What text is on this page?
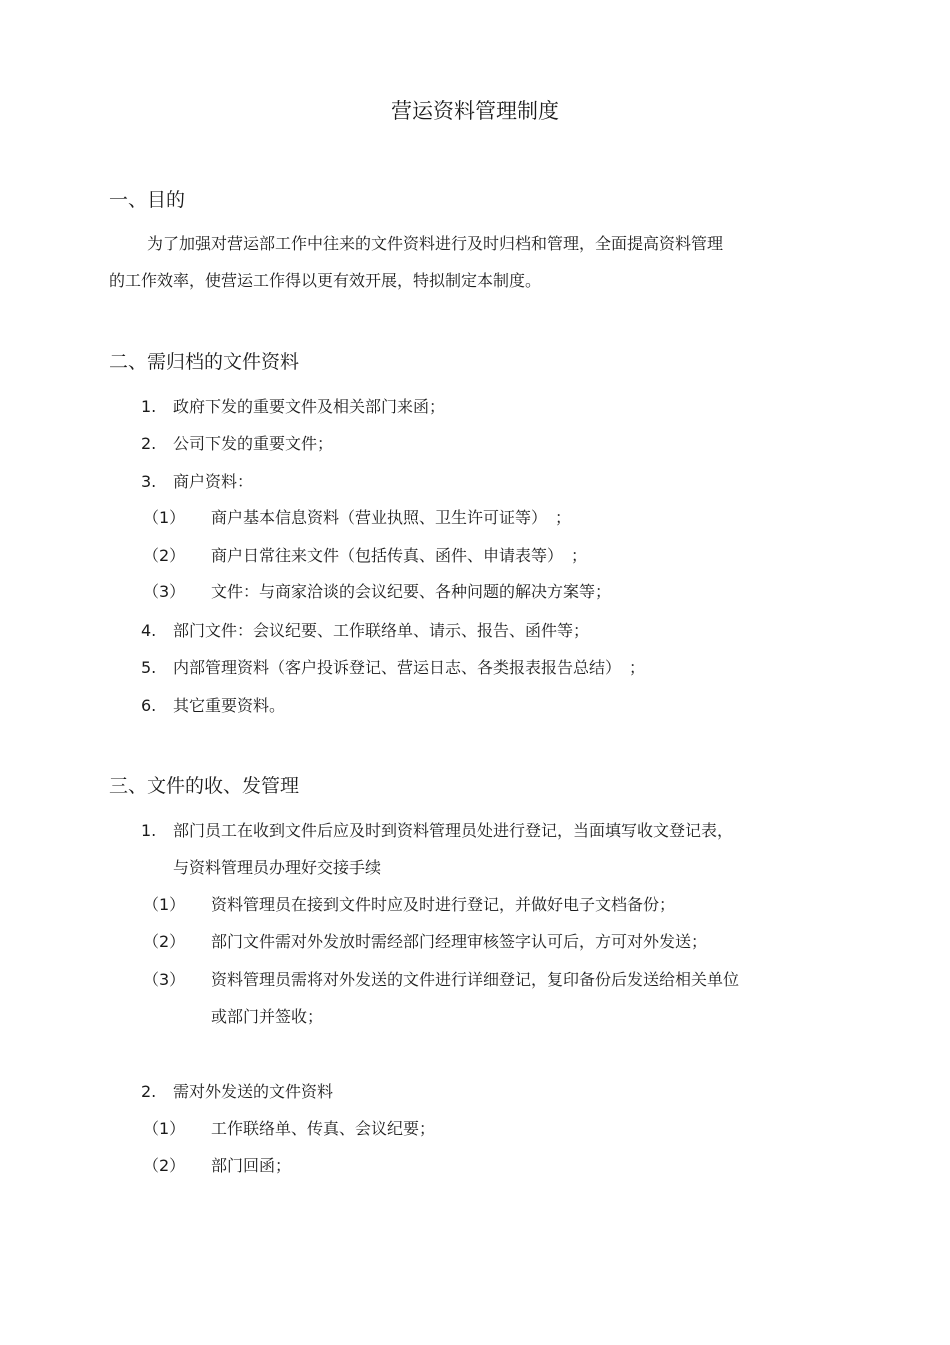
营运资料管理制度
一、目的
为了加强对营运部工作中往来的文件资料进行及时归档和管理，全面提高资料管理
的工作效率，使营运工作得以更有效开展，特拟制定本制度。
二、需归档的文件资料
1. 政府下发的重要文件及相关部门来函；
2. 公司下发的重要文件；
3. 商户资料：
（1） 商户基本信息资料（营业执照、卫生许可证等）　；
（2） 商户日常往来文件（包括传真、函件、申请表等）　；
（3） 文件：与商家洽谈的会议纪要、各种问题的解决方案等；
4. 部门文件：会议纪要、工作联络单、请示、报告、函件等；
5. 内部管理资料（客户投诉登记、营运日志、各类报表报告总结）　；
6. 其它重要资料。
三、文件的收、发管理
1. 部门员工在收到文件后应及时到资料管理员处进行登记，当面填写收文登记表，
与资料管理员办理好交接手续
（1） 资料管理员在接到文件时应及时进行登记，并做好电子文档备份；
（2） 部门文件需对外发放时需经部门经理审核签字认可后，方可对外发送；
（3） 资料管理员需将对外发送的文件进行详细登记，复印备份后发送给相关单位
或部门并签收；
2. 需对外发送的文件资料
（1） 工作联络单、传真、会议纪要；
（2） 部门回函；
